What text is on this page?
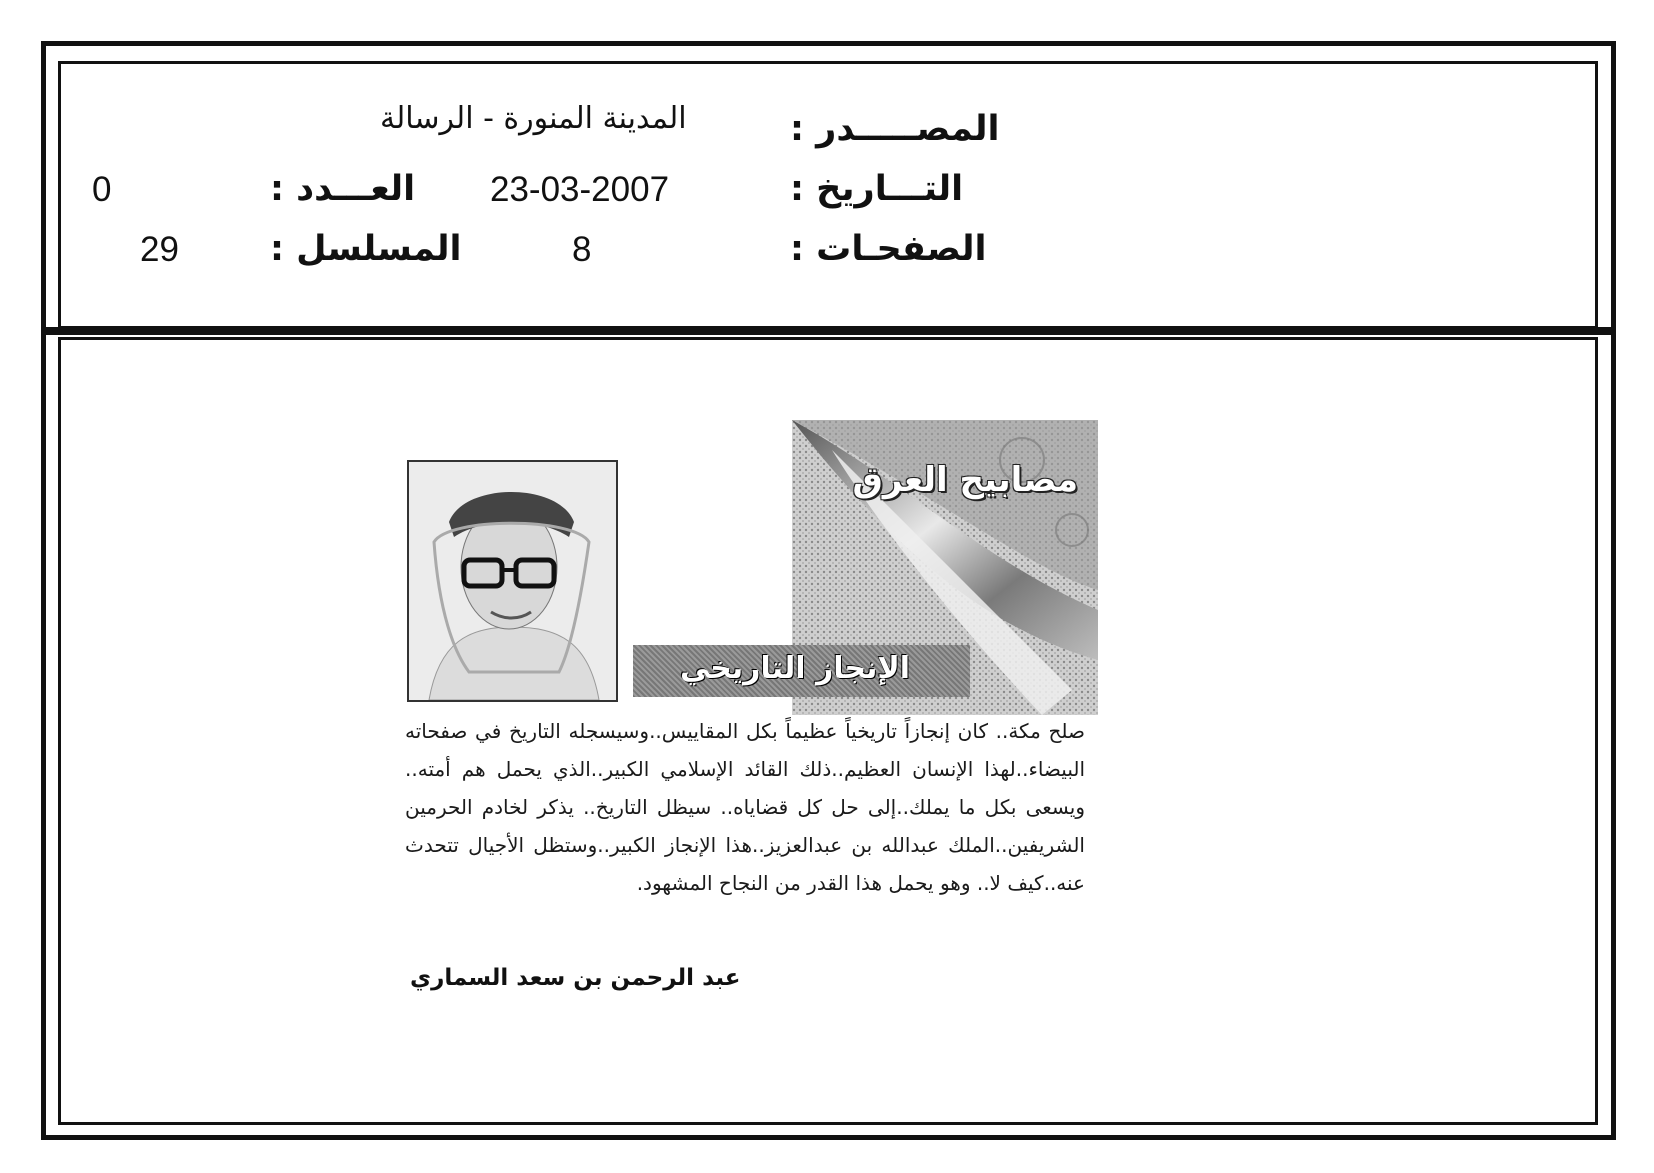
المصـــــدر :
المدينة المنورة - الرسالة
التـــاريخ :
23-03-2007
العـــدد :
0
الصفحـات :
8
المسلسل :
29
مصابيح العرق
الإنجاز التاريخي
صلح مكة.. كان إنجازاً تاريخياً عظيماً بكل المقاييس..وسيسجله التاريخ في صفحاته البيضاء..لهذا الإنسان العظيم..ذلك القائد الإسلامي الكبير..الذي يحمل هم أمته.. ويسعى بكل ما يملك..إلى حل كل قضاياه.. سيظل التاريخ.. يذكر لخادم الحرمين الشريفين..الملك عبدالله بن عبدالعزيز..هذا الإنجاز الكبير..وستظل الأجيال تتحدث عنه..كيف لا.. وهو يحمل هذا القدر من النجاح المشهود.
عبد الرحمن بن سعد السماري
